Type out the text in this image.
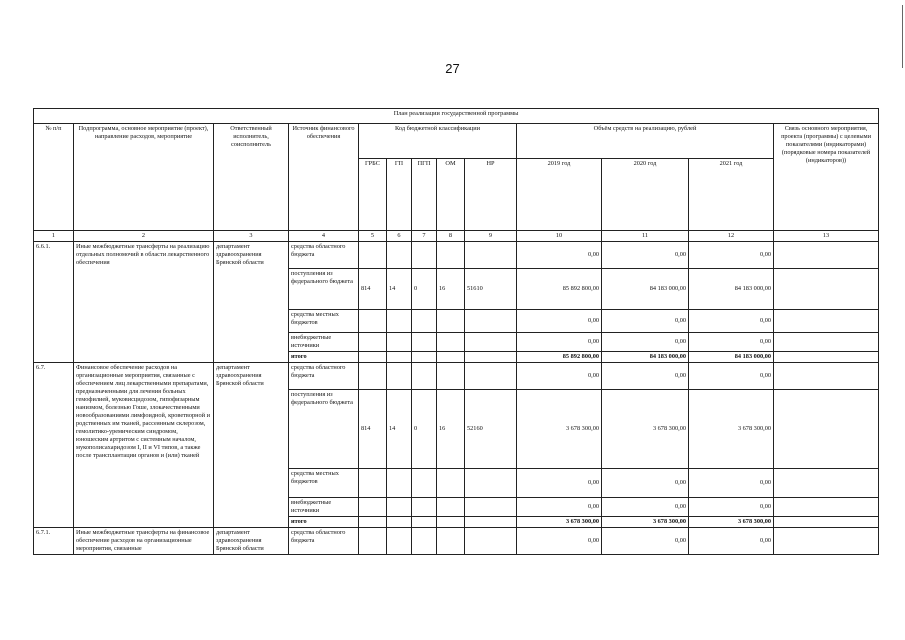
27
План реализации государственной программы												
№ п/п	Подпрограмма, основное мероприятие (проект), направление расходов, мероприятие	Ответственный исполнитель, соисполнитель	Источник финансового обеспечения	Код бюджетной классификации					Объём средств на реализацию, рублей			Связь основного мероприятия, проекта (программы) с целевыми показателями (индикаторами) (порядковые номера показателей (индикаторов))
				ГРБС	ГП	ПГП	ОМ	НР	2019 год	2020 год	2021 год	
1	2	3	4	5	6	7	8	9	10	11	12	13
6.6.1.	Иные межбюджетные трансферты на реализацию отдельных полномочий в области лекарственного обеспечения	департамент здравоохранения Брянской области	средства областного бюджета						0,00	0,00	0,00	
			поступления из федерального бюджета	814	14	0	16	51610	85 892 800,00	84 183 000,00	84 183 000,00	
			средства местных бюджетов						0,00	0,00	0,00	
			внебюджетные источники						0,00	0,00	0,00	
			итого						85 892 800,00	84 183 000,00	84 183 000,00	
6.7.	Финансовое обеспечение расходов на организационные мероприятия, связанные с обеспечением лиц лекарственными препаратами, предназначенными для лечения больных гемофилией, муковисцидозом, гипофизарным нанизмом, болезнью Гоше, злокачественными новообразованиями лимфоидной, кроветворной и родственных им тканей, рассеянным склерозом, гемолитико-уремическим синдромом, юношеским артритом с системным началом, мукополисахаридозом I, II и VI типов, а также после трансплантации органов и (или) тканей	департамент здравоохранения Брянской области	средства областного бюджета						0,00	0,00	0,00	
			поступления из федерального бюджета	814	14	0	16	52160	3 678 300,00	3 678 300,00	3 678 300,00	
			средства местных бюджетов						0,00	0,00	0,00	
			внебюджетные источники						0,00	0,00	0,00	
			итого						3 678 300,00	3 678 300,00	3 678 300,00	
6.7.1.	Иные межбюджетные трансферты на финансовое обеспечение расходов на организационные мероприятия, связанные	департамент здравоохранения Брянской области	средства областного бюджета						0,00	0,00	0,00	
